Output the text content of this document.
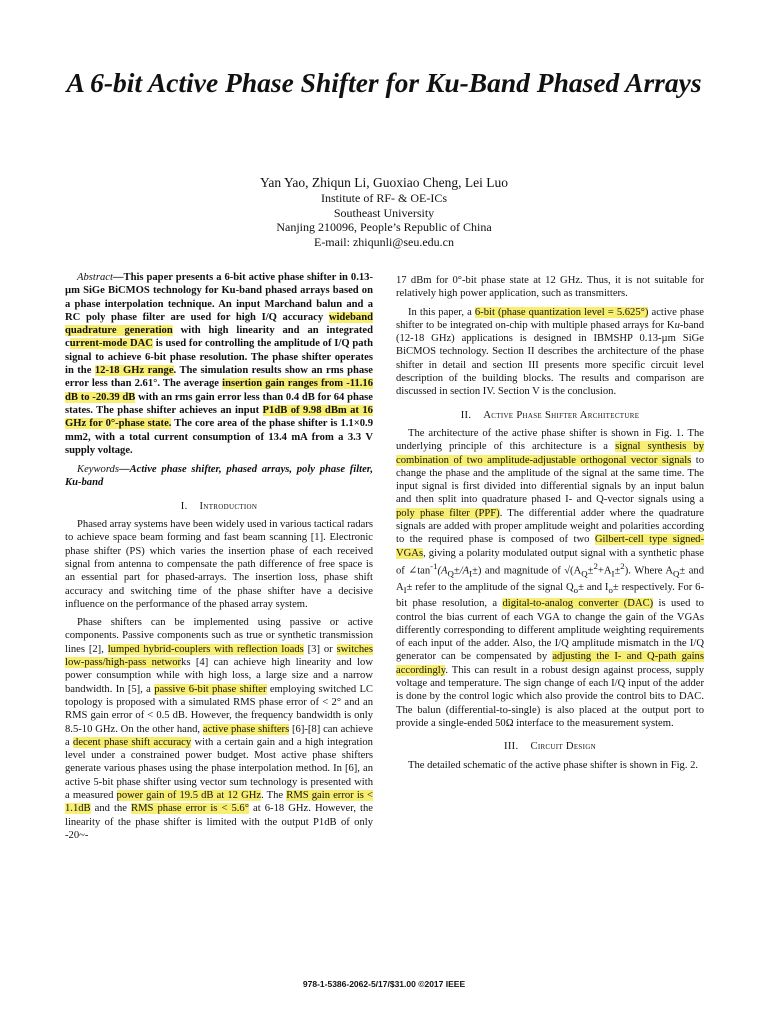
A 6-bit Active Phase Shifter for Ku-Band Phased Arrays
Yan Yao, Zhiqun Li, Guoxiao Cheng, Lei Luo
Institute of RF- & OE-ICs
Southeast University
Nanjing 210096, People’s Republic of China
E-mail: zhiqunli@seu.edu.cn

Abstract—This paper presents a 6-bit active phase shifter in 0.13-µm SiGe BiCMOS technology for Ku-band phased arrays based on a phase interpolation technique. An input Marchand balun and a RC poly phase filter are used for high I/Q accuracy wideband quadrature generation with high linearity and an integrated current-mode DAC is used for controlling the amplitude of I/Q path signal to achieve 6-bit phase resolution. The phase shifter operates in the 12-18 GHz range. The simulation results show an rms phase error less than 2.61°. The average insertion gain ranges from -11.16 dB to -20.39 dB with an rms gain error less than 0.4 dB for 64 phase states. The phase shifter achieves an input P1dB of 9.98 dBm at 16 GHz for 0°-phase state. The core area of the phase shifter is 1.1×0.9 mm2, with a total current consumption of 13.4 mA from a 3.3 V supply voltage.

Keywords—Active phase shifter, phased arrays, poly phase filter, Ku-band

I. Introduction

Phased array systems have been widely used in various tactical radars to achieve space beam forming and fast beam scanning [1]. Electronic phase shifter (PS) which varies the insertion phase of each received signal from antenna to compensate the path difference of free space is an essential part for phased-arrays. The insertion loss, phase shift accuracy and switching time of the phase shifter have a decisive influence on the performance of the phased array system.

Phase shifters can be implemented using passive or active components. Passive components such as true or synthetic transmission lines [2], lumped hybrid-couplers with reflection loads [3] or switches low-pass/high-pass networks [4] can achieve high linearity and low power consumption while with high loss, a large size and a narrow bandwidth. In [5], a passive 6-bit phase shifter employing switched LC topology is proposed with a simulated RMS phase error of < 2° and an RMS gain error of < 0.5 dB. However, the frequency bandwidth is only 8.5-10 GHz. On the other hand, active phase shifters [6]-[8] can achieve a decent phase shift accuracy with a certain gain and a high integration level under a constrained power budget. Most active phase shifters generate various phases using the phase interpolation method. In [6], an active 5-bit phase shifter using vector sum technology is presented with a measured power gain of 19.5 dB at 12 GHz. The RMS gain error is < 1.1dB and the RMS phase error is < 5.6° at 6-18 GHz. However, the linearity of the phase shifter is limited with the output P1dB of only -20~-

17 dBm for 0°-bit phase state at 12 GHz. Thus, it is not suitable for relatively high power application, such as transmitters.

In this paper, a 6-bit (phase quantization level = 5.625°) active phase shifter to be integrated on-chip with multiple phased arrays for Ku-band (12-18 GHz) applications is designed in IBMSHP 0.13-µm SiGe BiCMOS technology. Section II describes the architecture of the phase shifter in detail and section III presents more specific circuit level description of the building blocks. The results and comparison are discussed in section IV. Section V is the conclusion.

II. Active Phase Shifter Architecture

The architecture of the active phase shifter is shown in Fig. 1. The underlying principle of this architecture is a signal synthesis by combination of two amplitude-adjustable orthogonal vector signals to change the phase and the amplitude of the signal at the same time. The input signal is first divided into differential signals by an input balun and then split into quadrature phased I- and Q-vector signals using a poly phase filter (PPF). The differential adder where the quadrature signals are added with proper amplitude weight and polarities according to the required phase is composed of two Gilbert-cell type signed-VGAs, giving a polarity modulated output signal with a synthetic phase of $\angle\tan^{-1}(A_Q\pm/A_I\pm)$ and magnitude of $√(A_Q\pm^2+A_I\pm^2)$. Where $A_Q\pm$ and $A_I\pm$ refer to the amplitude of the signal $Q_o\pm$ and $I_o\pm$ respectively. For 6-bit phase resolution, a digital-to-analog converter (DAC) is used to control the bias current of each VGA to change the gain of the VGAs differently corresponding to different amplitude weighting requirements of each input of the adder. Also, the I/Q amplitude mismatch in the I/Q generator can be compensated by adjusting the I- and Q-path gains accordingly. This can result in a robust design against process, supply voltage and temperature. The sign change of each I/Q input of the adder is done by the control logic which also provide the control bits to DAC. The balun (differential-to-single) is also placed at the output port to provide a single-ended 50Ω interface to the measurement system.

III. Circuit Design

The detailed schematic of the active phase shifter is shown in Fig. 2.

978-1-5386-2062-5/17/$31.00 ©2017 IEEE
